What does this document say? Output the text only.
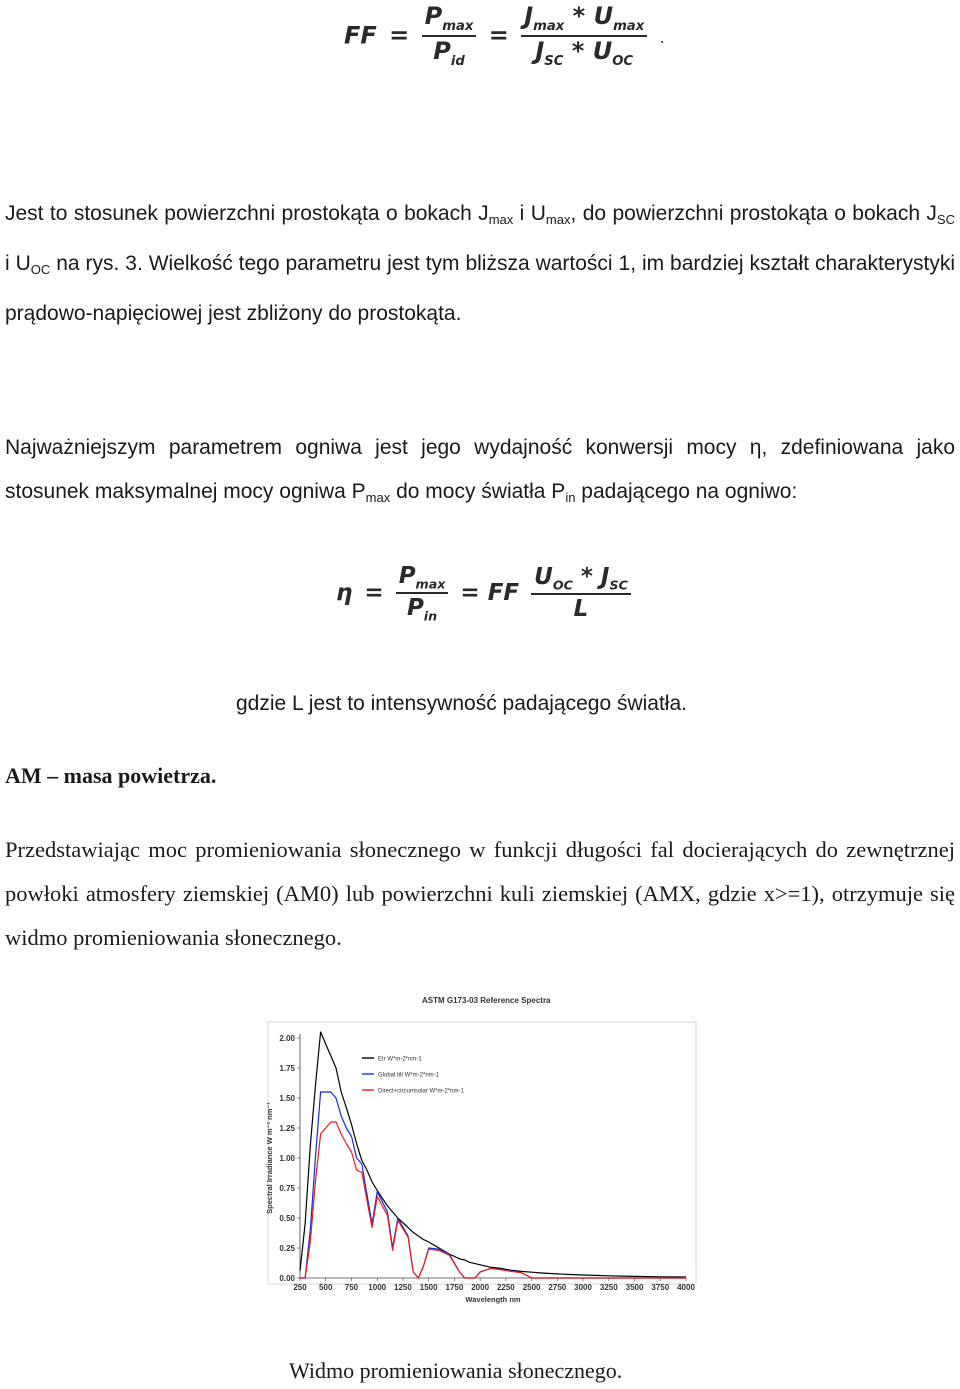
FF = $\frac{P_{max}}{P_{id}} = \frac{J_{max} * U_{max}}{J_{SC} * U_{OC}}$ .
Jest to stosunek powierzchni prostokąta o bokach Jmax i Umax, do powierzchni prostokąta o bokach JSC i UOC na rys. 3. Wielkość tego parametru jest tym bliższa wartości 1, im bardziej kształt charakterystyki prądowo-napięciowej jest zbliżony do prostokąta.
Najważniejszym parametrem ogniwa jest jego wydajność konwersji mocy η, zdefiniowana jako stosunek maksymalnej mocy ogniwa Pmax do mocy światła Pin padającego na ogniwo:
$\eta = \frac{P_{max}}{P_{in}}$ = FF $\frac{U_{OC} * J_{SC}}{L}$
gdzie L jest to intensywność padającego światła.
AM – masa powietrza.
Przedstawiając moc promieniowania słonecznego w funkcji długości fal docierających do zewnętrznej powłoki atmosfery ziemskiej (AM0) lub powierzchni kuli ziemskiej (AMX, gdzie x>=1), otrzymuje się widmo promieniowania słonecznego.
ASTM G173-03 Reference Spectra
0.00
0.25
0.50
0.75
1.00
1.25
1.50
1.75
2.00
250 500 750 1000 1250 1500 1750 2000 2250 2500 2750 3000 3250 3500 3750 4000
Wavelength nm
Spectral Irradiance W m⁻² nm⁻¹
Etr W*m-2*nm-1
Global tilt W*m-2*nm-1
Direct+circumsolar W*m-2*nm-1
Widmo promieniowania słonecznego.
